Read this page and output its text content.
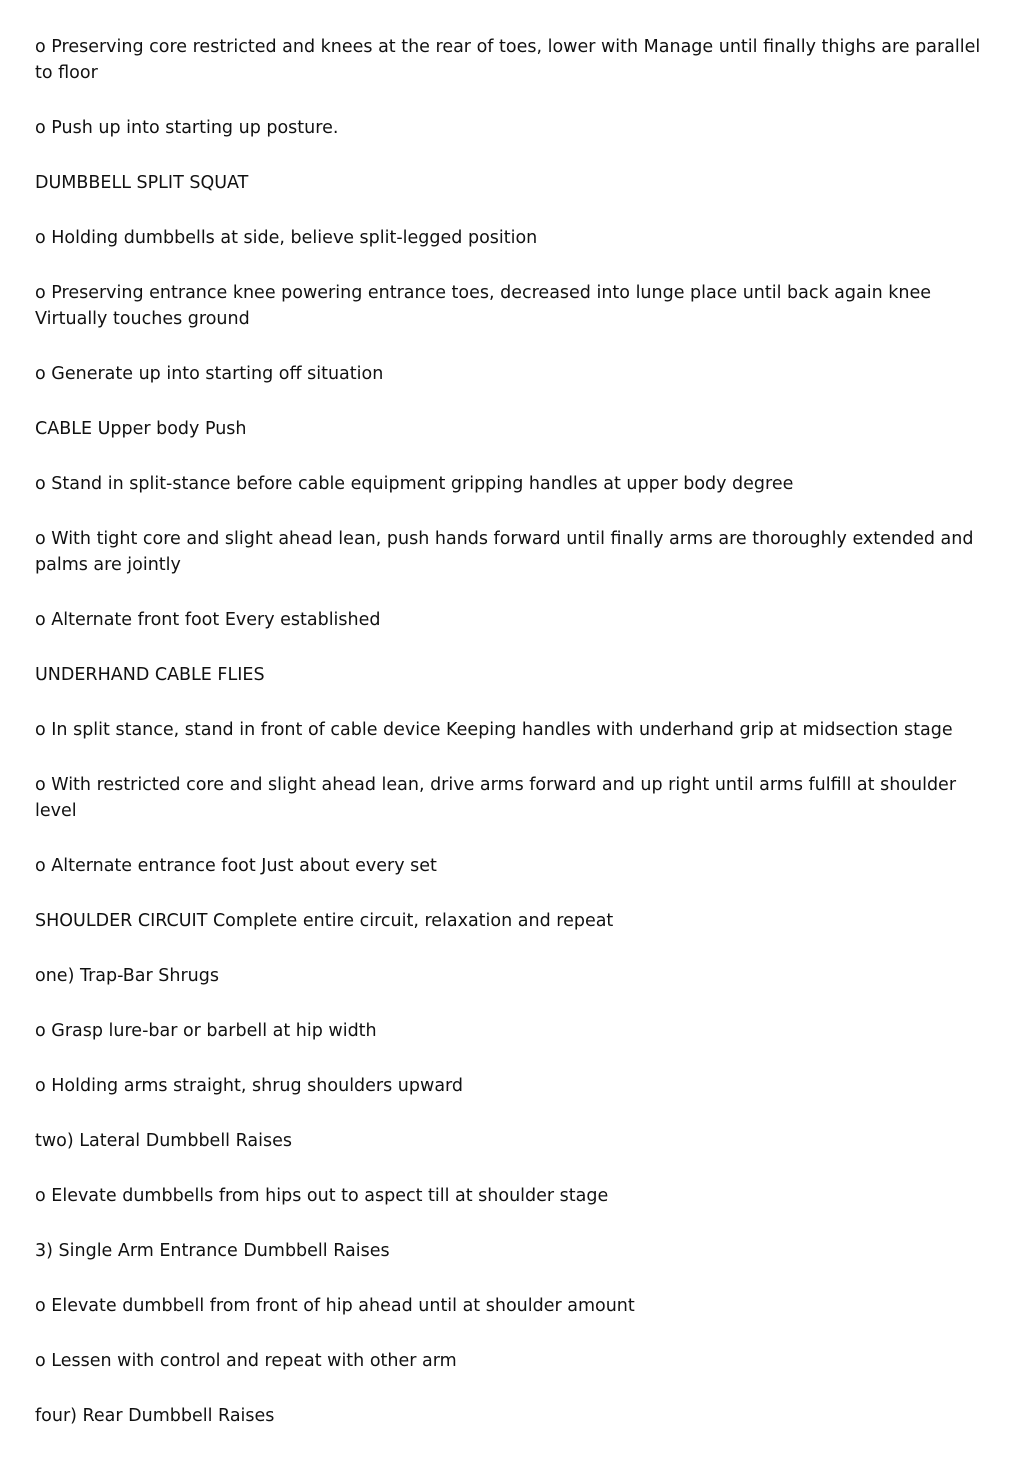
o Preserving core restricted and knees at the rear of toes, lower with Manage until finally thighs are parallel to floor

o Push up into starting up posture.

DUMBBELL SPLIT SQUAT

o Holding dumbbells at side, believe split-legged position

o Preserving entrance knee powering entrance toes, decreased into lunge place until back again knee Virtually touches ground

o Generate up into starting off situation

CABLE Upper body Push

o Stand in split-stance before cable equipment gripping handles at upper body degree

o With tight core and slight ahead lean, push hands forward until finally arms are thoroughly extended and palms are jointly

o Alternate front foot Every established

UNDERHAND CABLE FLIES

o In split stance, stand in front of cable device Keeping handles with underhand grip at midsection stage

o With restricted core and slight ahead lean, drive arms forward and up right until arms fulfill at shoulder level

o Alternate entrance foot Just about every set

SHOULDER CIRCUIT Complete entire circuit, relaxation and repeat

one) Trap-Bar Shrugs

o Grasp lure-bar or barbell at hip width

o Holding arms straight, shrug shoulders upward

two) Lateral Dumbbell Raises

o Elevate dumbbells from hips out to aspect till at shoulder stage

3) Single Arm Entrance Dumbbell Raises

o Elevate dumbbell from front of hip ahead until at shoulder amount

o Lessen with control and repeat with other arm

four) Rear Dumbbell Raises
